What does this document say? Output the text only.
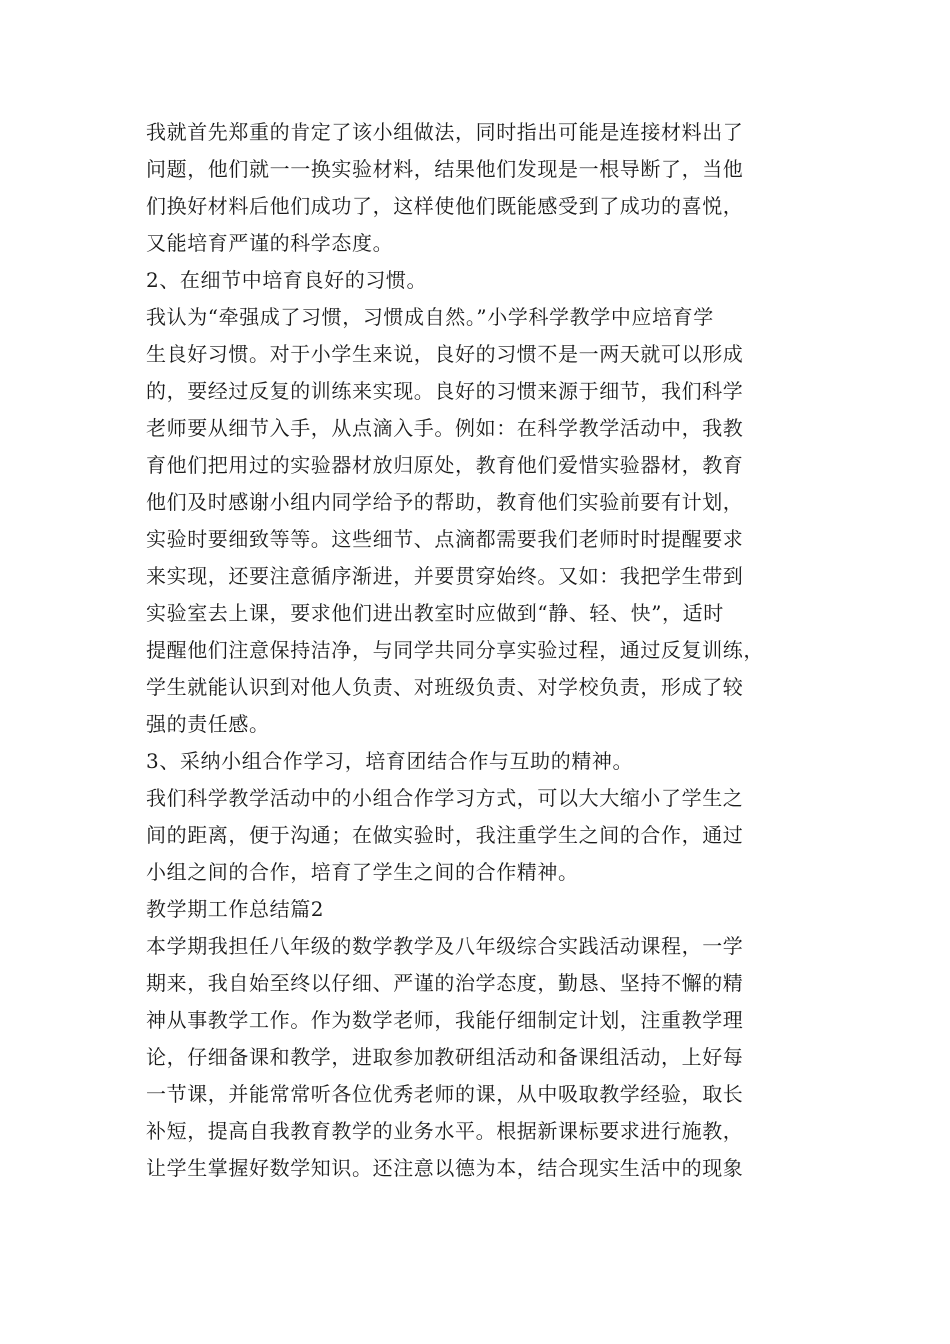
我就首先郑重的肯定了该小组做法，同时指出可能是连接材料出了
问题，他们就一一换实验材料，结果他们发现是一根导断了，当他
们换好材料后他们成功了，这样使他们既能感受到了成功的喜悦，
又能培育严谨的科学态度。
2、在细节中培育良好的习惯。
我认为“牵强成了习惯，习惯成自然。”小学科学教学中应培育学
生良好习惯。对于小学生来说，良好的习惯不是一两天就可以形成
的，要经过反复的训练来实现。良好的习惯来源于细节，我们科学
老师要从细节入手，从点滴入手。例如：在科学教学活动中，我教
育他们把用过的实验器材放归原处，教育他们爱惜实验器材，教育
他们及时感谢小组内同学给予的帮助，教育他们实验前要有计划，
实验时要细致等等。这些细节、点滴都需要我们老师时时提醒要求
来实现，还要注意循序渐进，并要贯穿始终。又如：我把学生带到
实验室去上课，要求他们进出教室时应做到“静、轻、快”，适时
提醒他们注意保持洁净，与同学共同分享实验过程，通过反复训练，
学生就能认识到对他人负责、对班级负责、对学校负责，形成了较
强的责任感。
3、采纳小组合作学习，培育团结合作与互助的精神。
我们科学教学活动中的小组合作学习方式，可以大大缩小了学生之
间的距离，便于沟通；在做实验时，我注重学生之间的合作，通过
小组之间的合作，培育了学生之间的合作精神。
教学期工作总结篇2
本学期我担任八年级的数学教学及八年级综合实践活动课程，一学
期来，我自始至终以仔细、严谨的治学态度，勤恳、坚持不懈的精
神从事教学工作。作为数学老师，我能仔细制定计划，注重教学理
论，仔细备课和教学，进取参加教研组活动和备课组活动，上好每
一节课，并能常常听各位优秀老师的课，从中吸取教学经验，取长
补短，提高自我教育教学的业务水平。根据新课标要求进行施教，
让学生掌握好数学知识。还注意以德为本，结合现实生活中的现象
